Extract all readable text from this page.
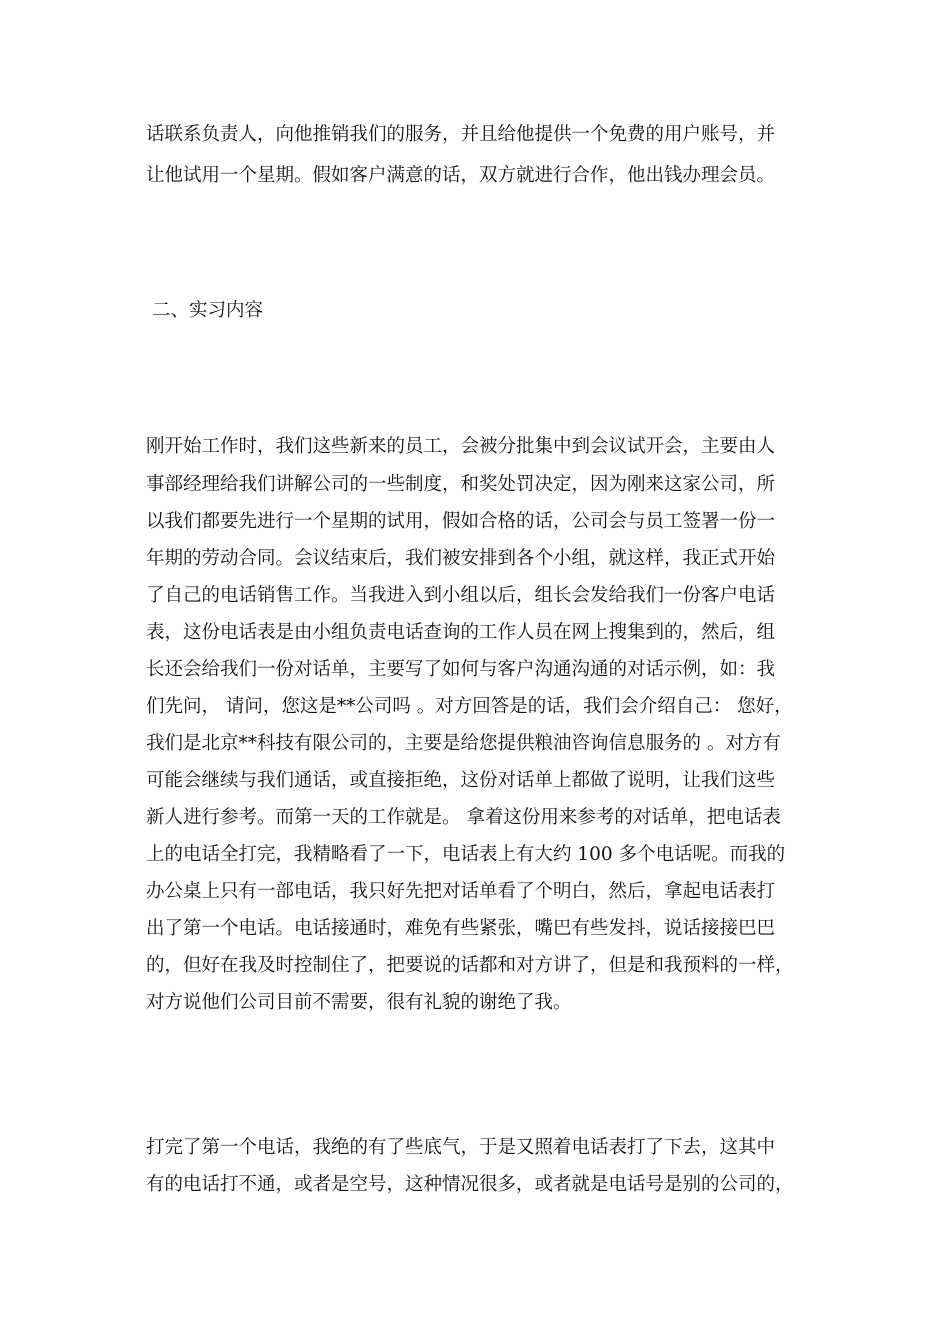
话联系负责人，向他推销我们的服务，并且给他提供一个免费的用户账号，并
让他试用一个星期。假如客户满意的话，双方就进行合作，他出钱办理会员。
二、实习内容
刚开始工作时，我们这些新来的员工，会被分批集中到会议试开会，主要由人
事部经理给我们讲解公司的一些制度，和奖处罚决定，因为刚来这家公司，所
以我们都要先进行一个星期的试用，假如合格的话，公司会与员工签署一份一
年期的劳动合同。会议结束后，我们被安排到各个小组，就这样，我正式开始
了自己的电话销售工作。当我进入到小组以后，组长会发给我们一份客户电话
表，这份电话表是由小组负责电话查询的工作人员在网上搜集到的，然后，组
长还会给我们一份对话单，主要写了如何与客户沟通沟通的对话示例，如：我
们先问， 请问，您这是**公司吗 。对方回答是的话，我们会介绍自己： 您好，
我们是北京**科技有限公司的，主要是给您提供粮油咨询信息服务的 。对方有
可能会继续与我们通话，或直接拒绝，这份对话单上都做了说明，让我们这些
新人进行参考。而第一天的工作就是。 拿着这份用来参考的对话单，把电话表
上的电话全打完，我精略看了一下，电话表上有大约 100 多个电话呢。而我的
办公桌上只有一部电话，我只好先把对话单看了个明白，然后，拿起电话表打
出了第一个电话。电话接通时，难免有些紧张，嘴巴有些发抖，说话接接巴巴
的，但好在我及时控制住了，把要说的话都和对方讲了，但是和我预料的一样，
对方说他们公司目前不需要，很有礼貌的谢绝了我。
打完了第一个电话，我绝的有了些底气，于是又照着电话表打了下去，这其中
有的电话打不通，或者是空号，这种情况很多，或者就是电话号是别的公司的，
